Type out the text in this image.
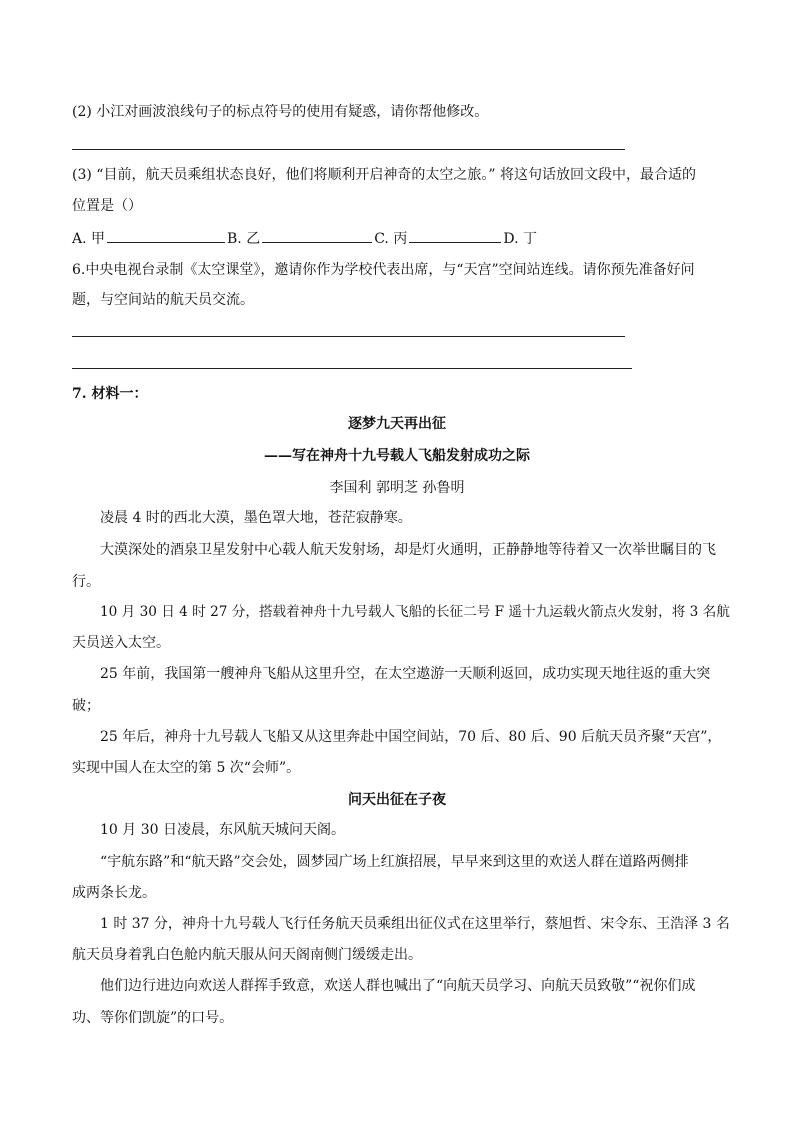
(2) 小江对画波浪线句子的标点符号的使用有疑惑，请你帮他修改。
(3) “目前，航天员乘组状态良好，他们将顺利开启神奇的太空之旅。” 将这句话放回文段中，最合适的
位置是（）
A. 甲	B. 乙	C. 丙	D. 丁
6.中央电视台录制《太空课堂》，邀请你作为学校代表出席，与“天宫”空间站连线。请你预先准备好问
题，与空间站的航天员交流。
7. 材料一：
逐梦九天再出征
——写在神舟十九号载人飞船发射成功之际
李国利 郭明芝 孙鲁明
凌晨 4 时的西北大漠，墨色罩大地，苍茫寂静寒。
大漠深处的酒泉卫星发射中心载人航天发射场，却是灯火通明，正静静地等待着又一次举世瞩目的飞
行。
10 月 30 日 4 时 27 分，搭载着神舟十九号载人飞船的长征二号 F 遥十九运载火箭点火发射，将 3 名航
天员送入太空。
25 年前，我国第一艘神舟飞船从这里升空，在太空遨游一天顺利返回，成功实现天地往返的重大突
破；
25 年后，神舟十九号载人飞船又从这里奔赴中国空间站，70 后、80 后、90 后航天员齐聚“天宫”，
实现中国人在太空的第 5 次“会师”。
问天出征在子夜
10 月 30 日凌晨，东风航天城问天阁。
“宇航东路”和“航天路”交会处，圆梦园广场上红旗招展，早早来到这里的欢送人群在道路两侧排
成两条长龙。
1 时 37 分，神舟十九号载人飞行任务航天员乘组出征仪式在这里举行，蔡旭哲、宋令东、王浩泽 3 名
航天员身着乳白色舱内航天服从问天阁南侧门缓缓走出。
他们边行进边向欢送人群挥手致意，欢送人群也喊出了“向航天员学习、向航天员致敬”“祝你们成
功、等你们凯旋”的口号。
